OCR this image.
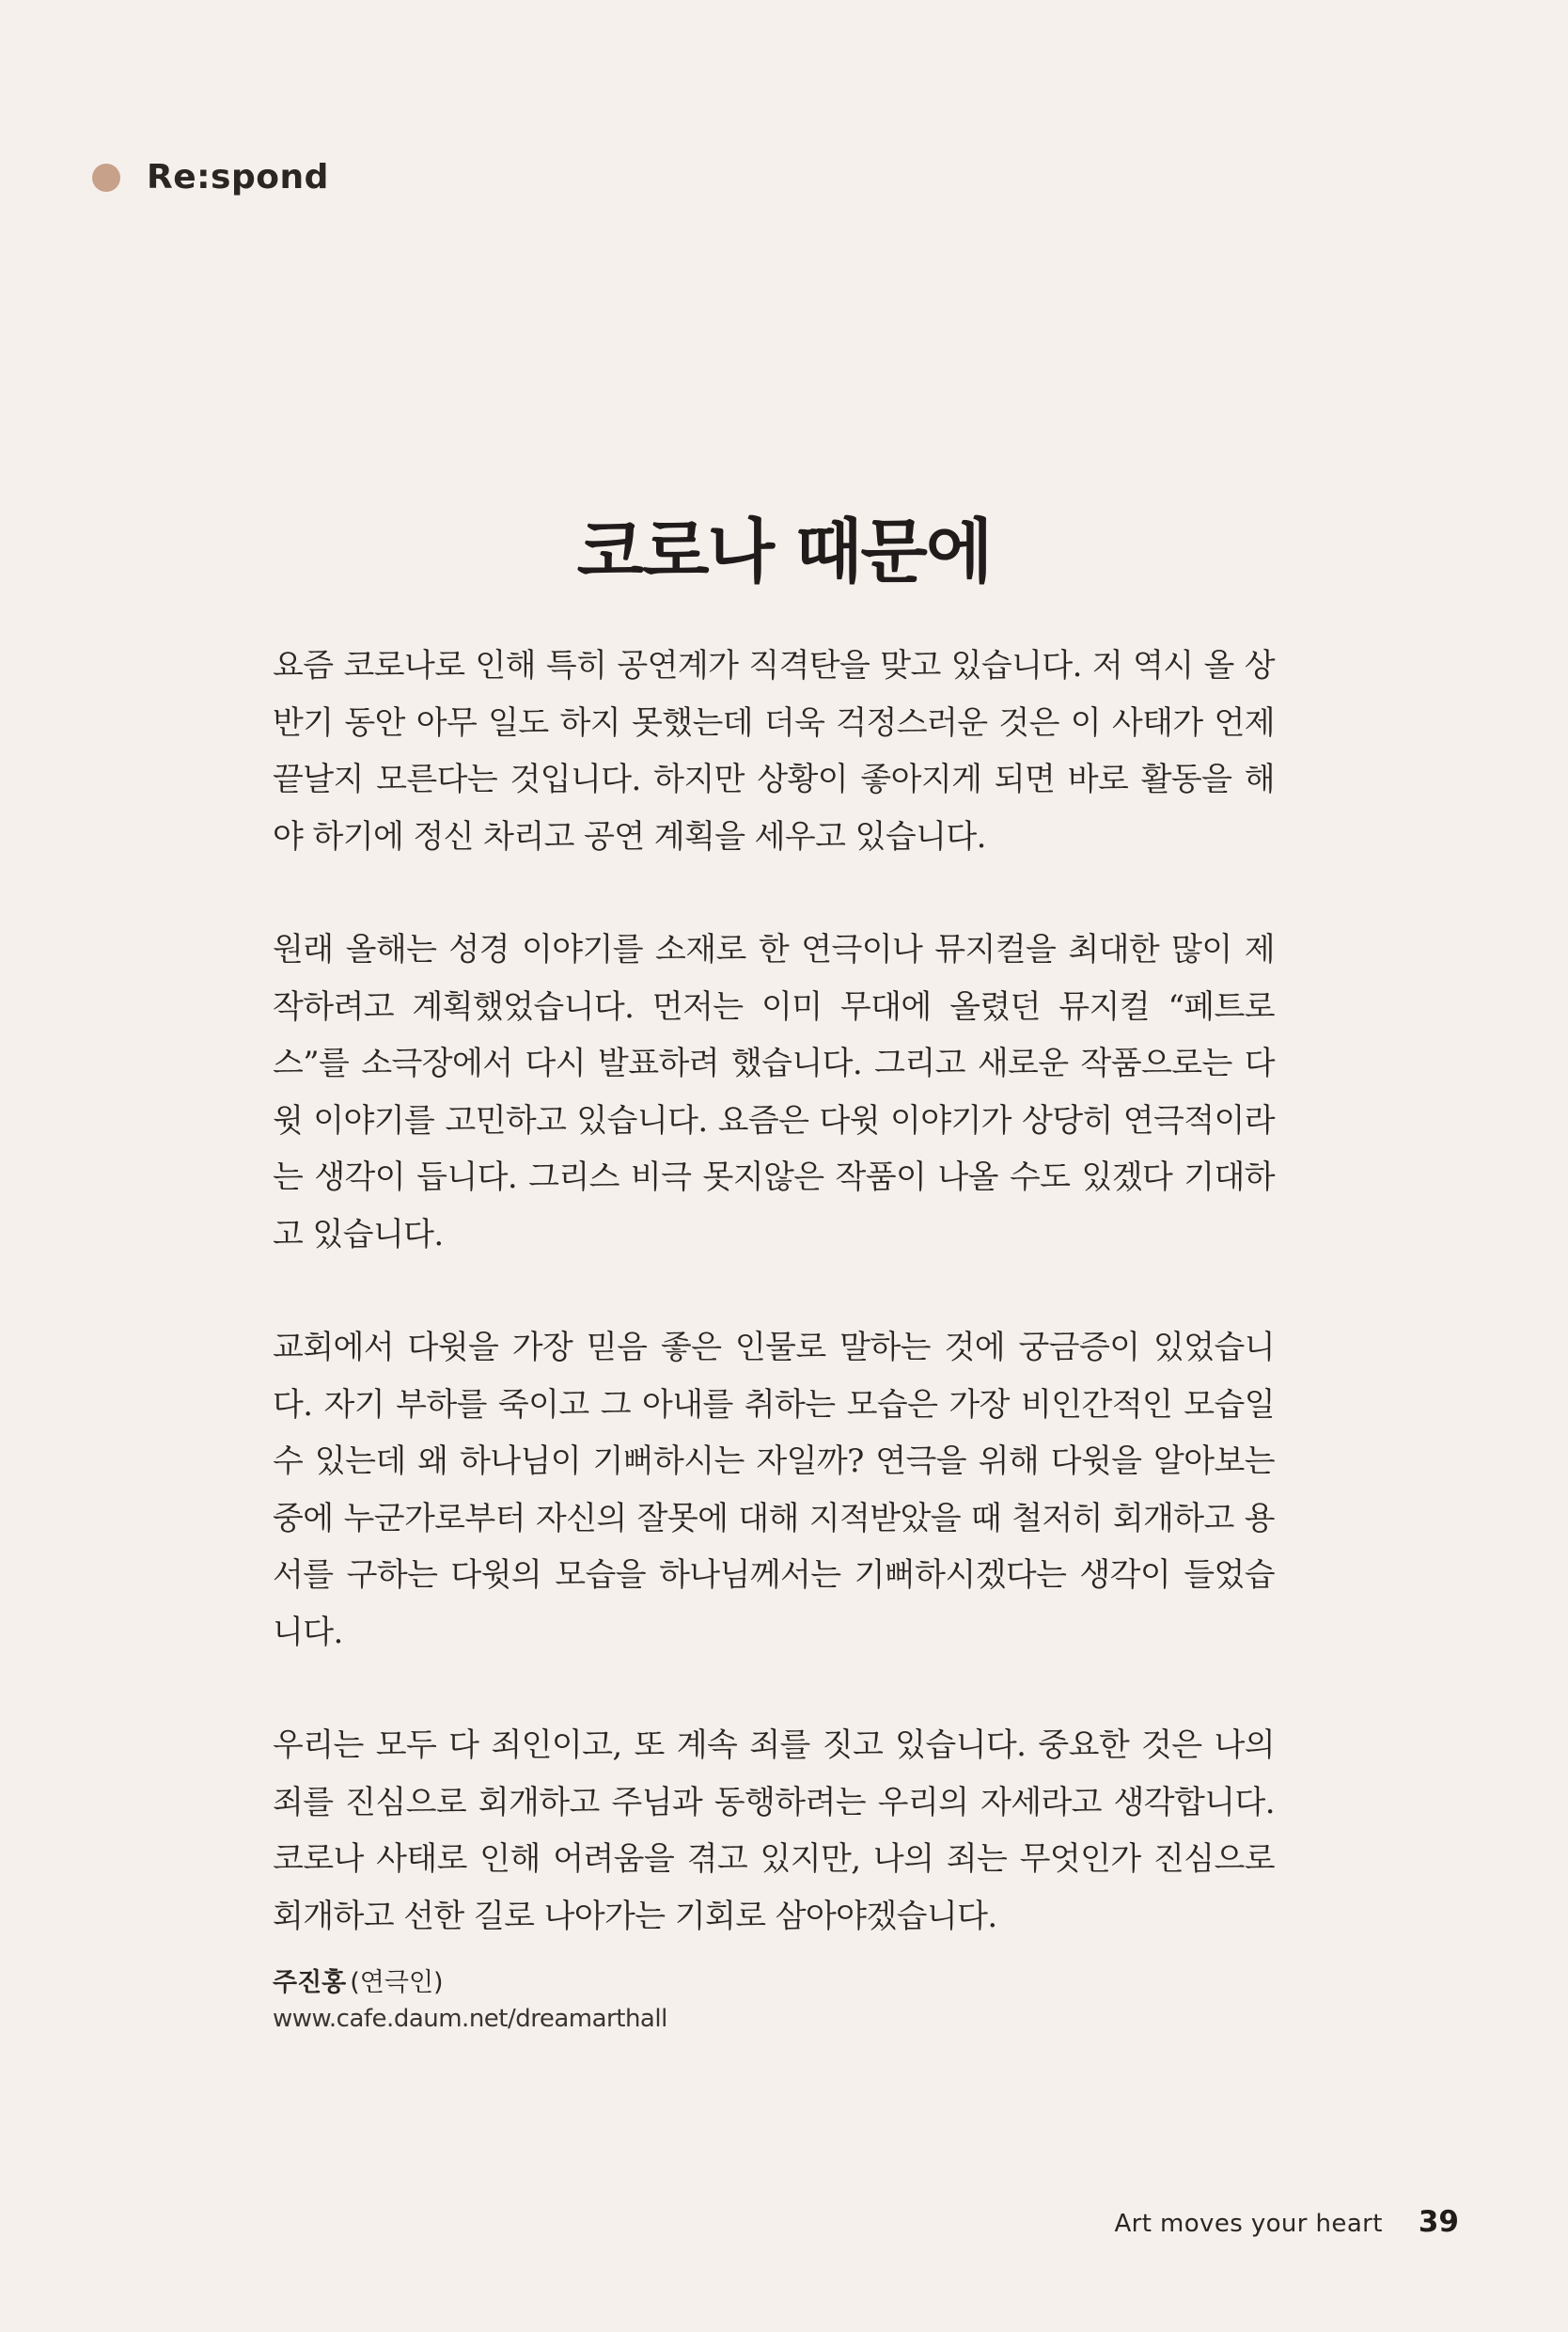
Re:spond
코로나 때문에

요즘 코로나로 인해 특히 공연계가 직격탄을 맞고 있습니다. 저 역시 올 상반기 동안 아무 일도 하지 못했는데 더욱 걱정스러운 것은 이 사태가 언제 끝날지 모른다는 것입니다. 하지만 상황이 좋아지게 되면 바로 활동을 해야 하기에 정신 차리고 공연 계획을 세우고 있습니다.

원래 올해는 성경 이야기를 소재로 한 연극이나 뮤지컬을 최대한 많이 제작하려고 계획했었습니다. 먼저는 이미 무대에 올렸던 뮤지컬 “페트로스”를 소극장에서 다시 발표하려 했습니다. 그리고 새로운 작품으로는 다윗 이야기를 고민하고 있습니다. 요즘은 다윗 이야기가 상당히 연극적이라는 생각이 듭니다. 그리스 비극 못지않은 작품이 나올 수도 있겠다 기대하고 있습니다.

교회에서 다윗을 가장 믿음 좋은 인물로 말하는 것에 궁금증이 있었습니다. 자기 부하를 죽이고 그 아내를 취하는 모습은 가장 비인간적인 모습일 수 있는데 왜 하나님이 기뻐하시는 자일까? 연극을 위해 다윗을 알아보는 중에 누군가로부터 자신의 잘못에 대해 지적받았을 때 철저히 회개하고 용서를 구하는 다윗의 모습을 하나님께서는 기뻐하시겠다는 생각이 들었습니다.

우리는 모두 다 죄인이고, 또 계속 죄를 짓고 있습니다. 중요한 것은 나의 죄를 진심으로 회개하고 주님과 동행하려는 우리의 자세라고 생각합니다. 코로나 사태로 인해 어려움을 겪고 있지만, 나의 죄는 무엇인가 진심으로 회개하고 선한 길로 나아가는 기회로 삼아야겠습니다.

주진홍 (연극인)
www.cafe.daum.net/dreamarthall
Art moves your heart 39
